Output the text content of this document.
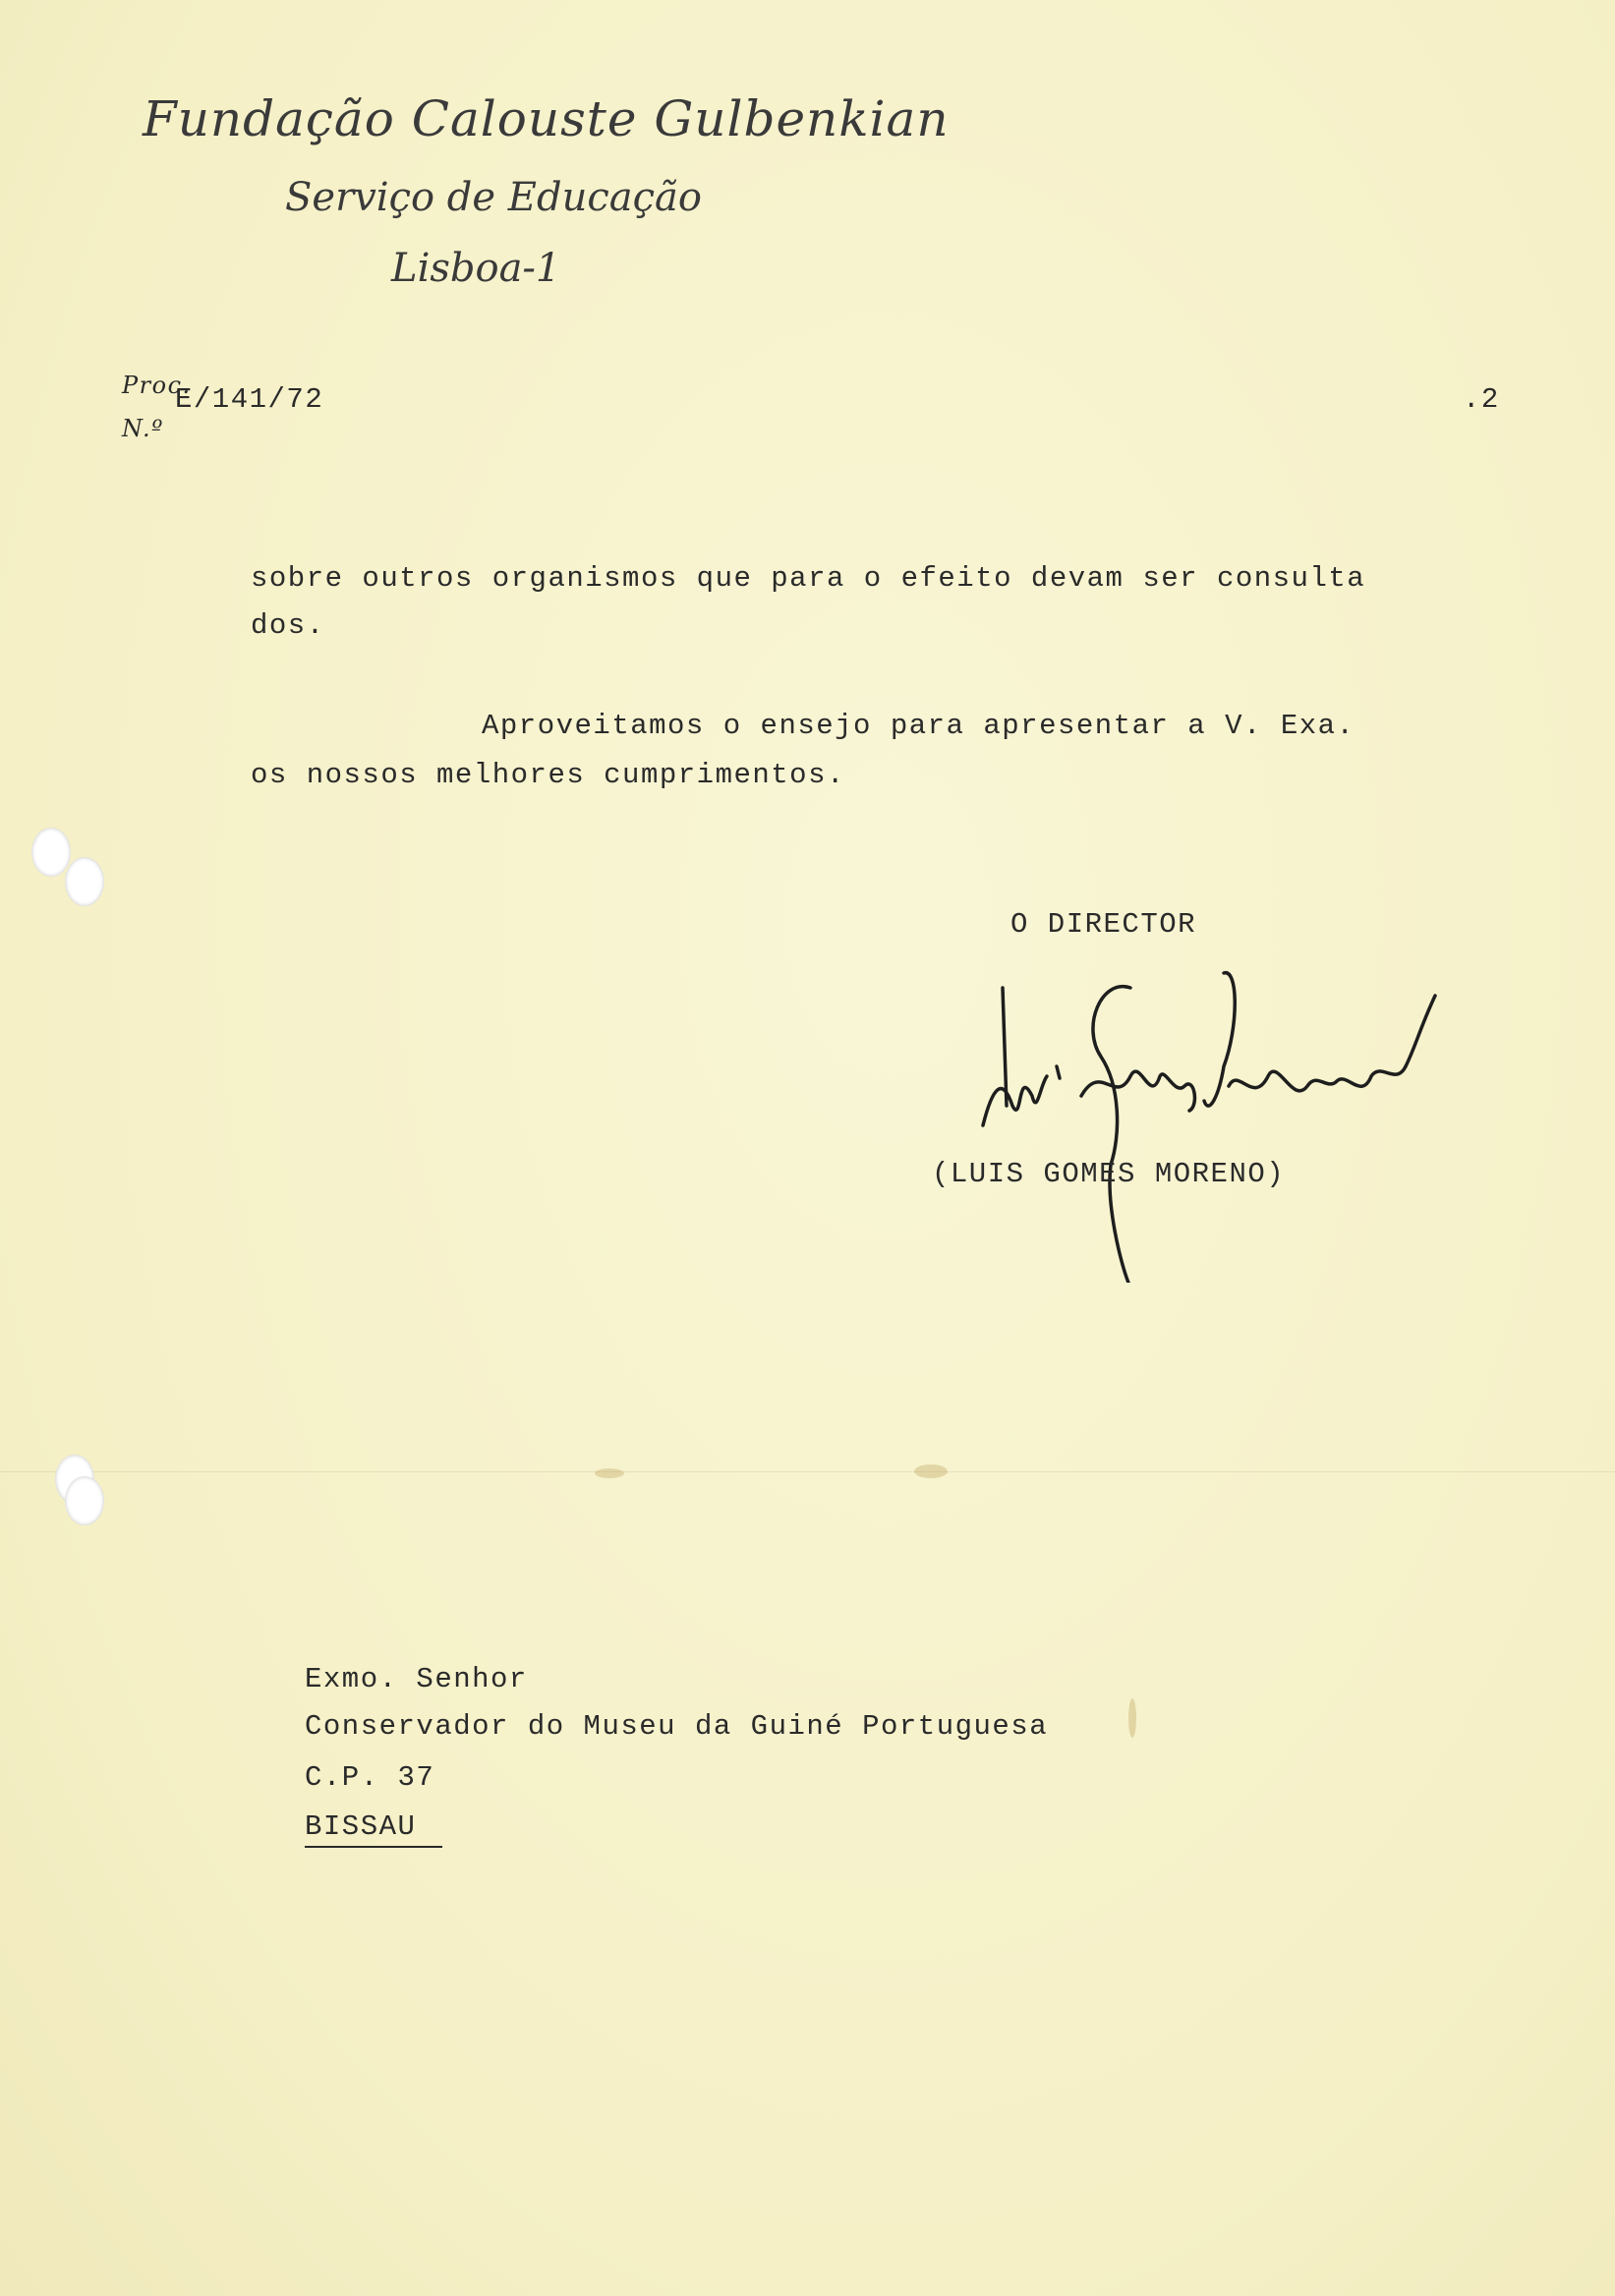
Fundação Calouste Gulbenkian
Serviço de Educação
Lisboa-1
Proc.
N.º
E/141/72	.2
sobre outros organismos que para o efeito devam ser consulta
dos.
Aproveitamos o ensejo para apresentar a V. Exa.
os nossos melhores cumprimentos.
O DIRECTOR
(LUIS GOMES MORENO)
Exmo. Senhor
Conservador do Museu da Guiné Portuguesa
C.P. 37
BISSAU
